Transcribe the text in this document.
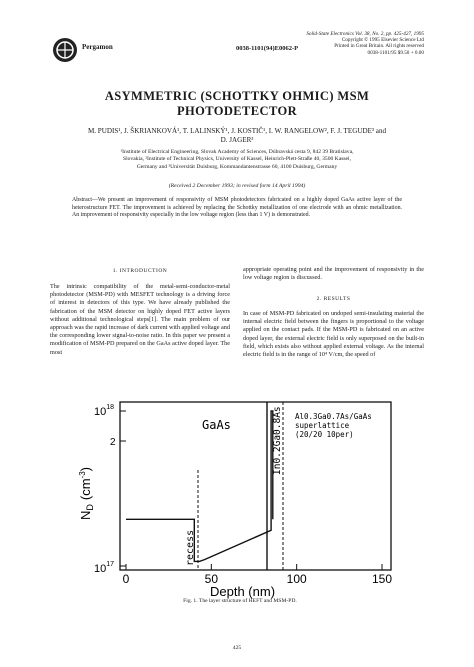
Pergamon	0038-1101(94)E0062-P
Solid-State Electronics Vol. 38, No. 2, pp. 425-427, 1995
Copyright © 1995 Elsevier Science Ltd
Printed in Great Britain. All rights reserved
0038-1101/95 $9.50 + 0.00
ASYMMETRIC (SCHOTTKY OHMIC) MSM
PHOTODETECTOR
M. PUDIS¹, J. ŠKRIANKOVÁ¹, T. LALINSKÝ¹, J. KOSTIČ¹, I. W. RANGELOW², F. J. TEGUDE³ and
D. JAGER³
¹Institute of Electrical Engineering, Slovak Academy of Sciences, Dúbravská cesta 9, 842 39 Bratislava,
Slovakia, ²Institute of Technical Physics, University of Kassel, Heinrich-Plett-Straße 40, 3500 Kassel,
Germany and ³Universität Duisburg, Kommandantenstrasse 60, 4100 Duisburg, Germany
(Received 2 December 1993; in revised form 14 April 1994)
Abstract—We present an improvement of responsivity of MSM photodetectors fabricated on a highly doped GaAs active layer of the heterostructure FET. The improvement is achieved by replacing the Schottky metallization of one electrode with an ohmic metallization. An improvement of responsivity especially in the low voltage region (less than 1 V) is demonstrated.
1. INTRODUCTION
The intrinsic compatibility of the metal-semi-conductor-metal photodetector (MSM-PD) with MESFET technology is a driving force of interest in detectors of this type. We have already published the fabrication of the MSM detector on highly doped FET active layers without additional technological steps[1]. The main problem of our approach was the rapid increase of dark current with applied voltage and the corresponding lower signal-to-noise ratio. In this paper we present a modification of MSM-PD prepared on the GaAs active doped layer. The most
appropriate operating point and the improvement of responsivity in the low voltage region is discussed.
2. RESULTS
In case of MSM-PD fabricated on undoped semi-insulating material the internal electric field between the fingers is proportional to the voltage applied on the contact pads. If the MSM-PD is fabricated on an active doped layer, the external electric field is only superposed on the built-in field, which exists also without applied external voltage. As the internal electric field is in the range of 10⁴ V/cm, the speed of
$10^{18}$
2
$10^{17}$
$N_D(cm^{-3})$
0	50	100	150
Depth (nm)
GaAs	In0.2Ga0.8As
recess
Al0.3Ga0.7As/GaAs
superlattice
(20/20 10per)
Fig. 1. The layer structure of HEFT and MSM-PD.
425
